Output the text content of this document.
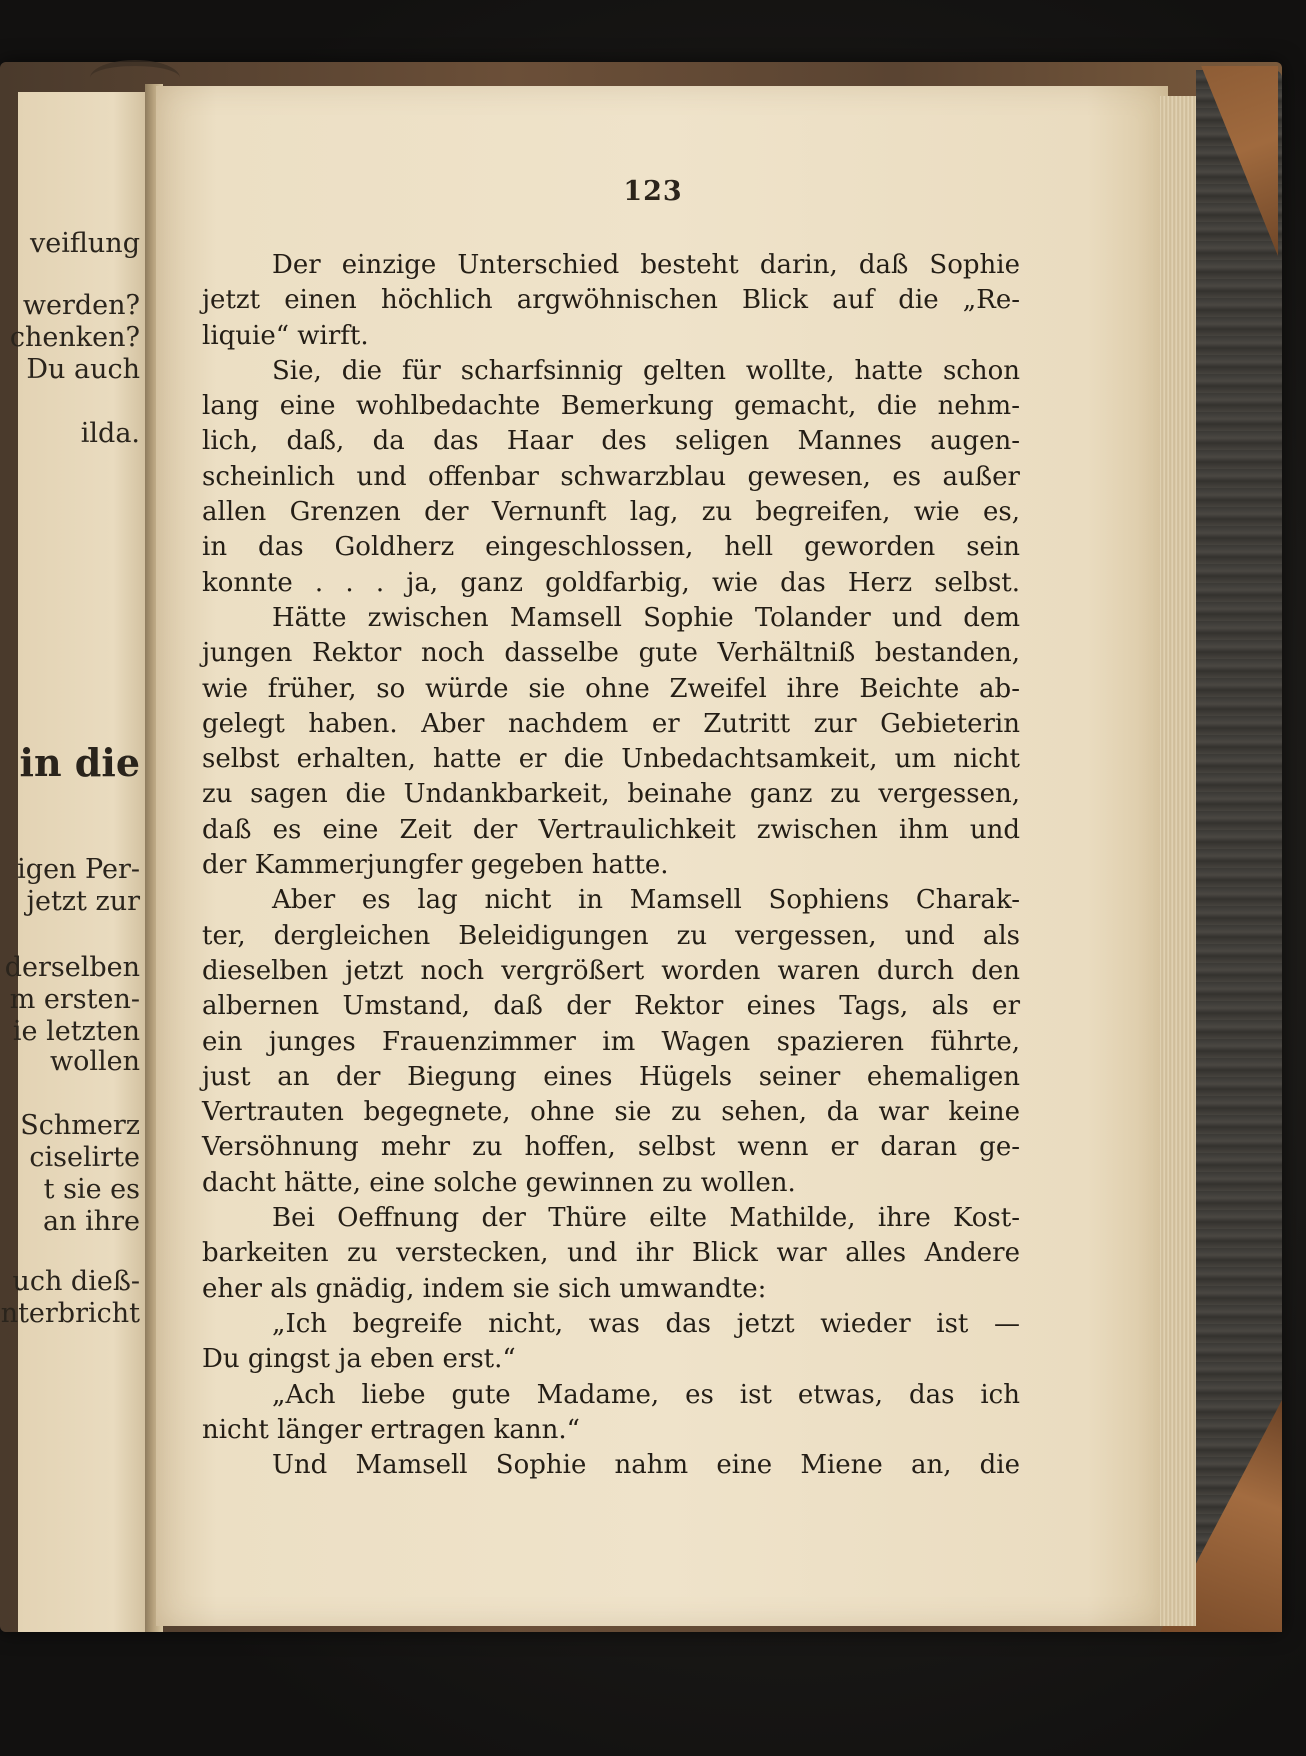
veiflung
werden?
chenken?
Du auch
ilda.
in die
igen Per-
jetzt zur
derselben
m ersten-
ie letzten
wollen
Schmerz
ciselirte
t sie es
an ihre
uch dieß-
nterbricht
123
Der einzige Unterschied besteht darin, daß Sophie
jetzt einen höchlich argwöhnischen Blick auf die „Re-
liquie“ wirft.
Sie, die für scharfsinnig gelten wollte, hatte schon
lang eine wohlbedachte Bemerkung gemacht, die nehm-
lich, daß, da das Haar des seligen Mannes augen-
scheinlich und offenbar schwarzblau gewesen, es außer
allen Grenzen der Vernunft lag, zu begreifen, wie es,
in das Goldherz eingeschlossen, hell geworden sein
konnte . . . ja, ganz goldfarbig, wie das Herz selbst.
Hätte zwischen Mamsell Sophie Tolander und dem
jungen Rektor noch dasselbe gute Verhältniß bestanden,
wie früher, so würde sie ohne Zweifel ihre Beichte ab-
gelegt haben. Aber nachdem er Zutritt zur Gebieterin
selbst erhalten, hatte er die Unbedachtsamkeit, um nicht
zu sagen die Undankbarkeit, beinahe ganz zu vergessen,
daß es eine Zeit der Vertraulichkeit zwischen ihm und
der Kammerjungfer gegeben hatte.
Aber es lag nicht in Mamsell Sophiens Charak-
ter, dergleichen Beleidigungen zu vergessen, und als
dieselben jetzt noch vergrößert worden waren durch den
albernen Umstand, daß der Rektor eines Tags, als er
ein junges Frauenzimmer im Wagen spazieren führte,
just an der Biegung eines Hügels seiner ehemaligen
Vertrauten begegnete, ohne sie zu sehen, da war keine
Versöhnung mehr zu hoffen, selbst wenn er daran ge-
dacht hätte, eine solche gewinnen zu wollen.
Bei Oeffnung der Thüre eilte Mathilde, ihre Kost-
barkeiten zu verstecken, und ihr Blick war alles Andere
eher als gnädig, indem sie sich umwandte:
„Ich begreife nicht, was das jetzt wieder ist —
Du gingst ja eben erst.“
„Ach liebe gute Madame, es ist etwas, das ich
nicht länger ertragen kann.“
Und Mamsell Sophie nahm eine Miene an, die
